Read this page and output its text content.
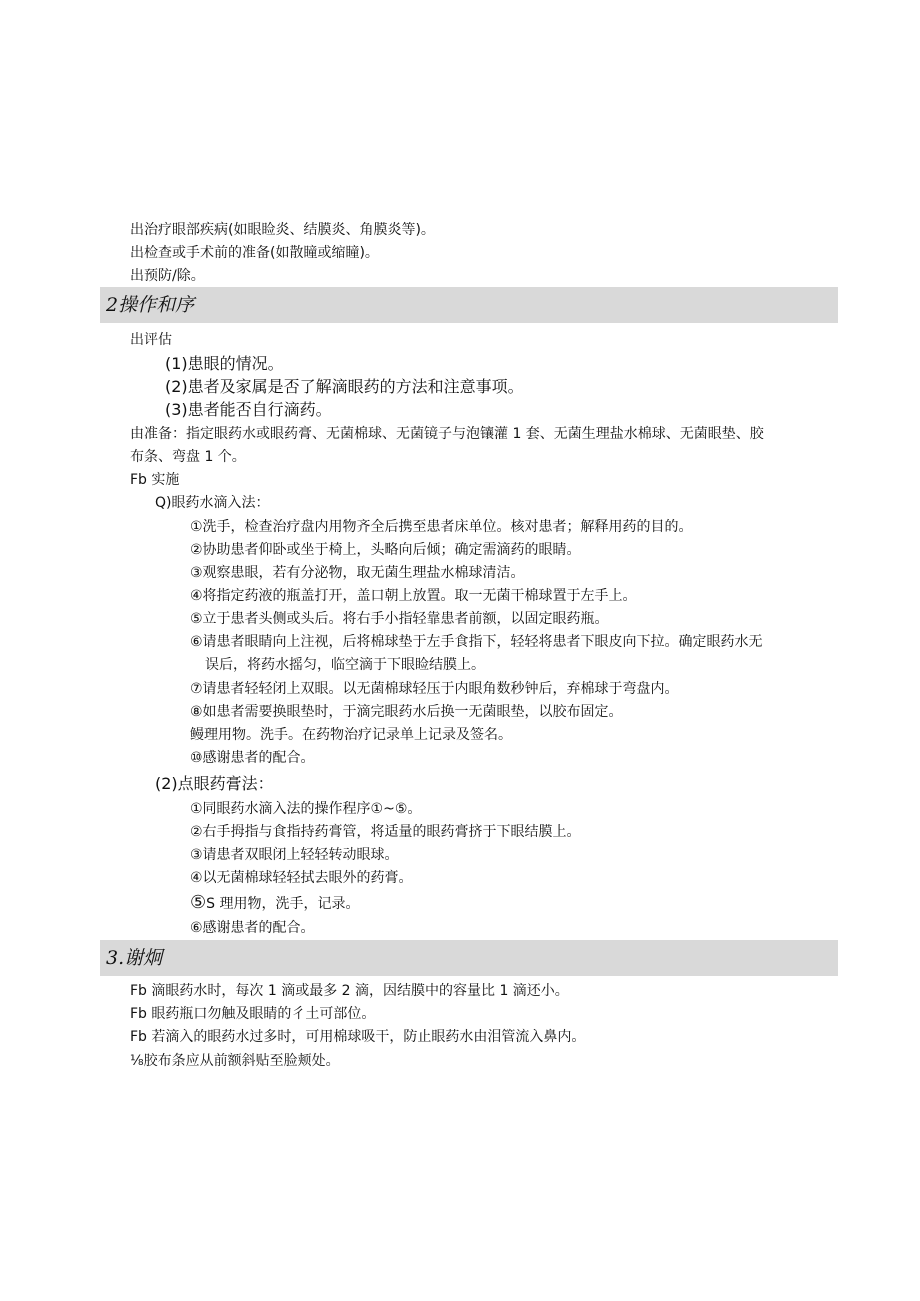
出治疗眼部疾病(如眼睑炎、结膜炎、角膜炎等)。
出检查或手术前的准备(如散瞳或缩瞳)。
出预防/除。
2操作和序
出评估
(1)患眼的情况。
(2)患者及家属是否了解滴眼药的方法和注意事项。
(3)患者能否自行滴药。
由准备：指定眼药水或眼药膏、无菌棉球、无菌镜子与泡镶灌 1 套、无菌生理盐水棉球、无菌眼垫、胶
布条、弯盘 1 个。
Fb 实施
Q)眼药水滴入法：
①洗手，检查治疗盘内用物齐全后携至患者床单位。核对患者；解释用药的目的。
②协助患者仰卧或坐于椅上，头略向后倾；确定需滴药的眼睛。
③观察患眼，若有分泌物，取无菌生理盐水棉球清洁。
④将指定药液的瓶盖打开，盖口朝上放置。取一无菌干棉球置于左手上。
⑤立于患者头侧或头后。将右手小指轻靠患者前额，以固定眼药瓶。
⑥请患者眼睛向上注视，后将棉球垫于左手食指下，轻轻将患者下眼皮向下拉。确定眼药水无
误后，将药水摇匀，临空滴于下眼睑结膜上。
⑦请患者轻轻闭上双眼。以无菌棉球轻压于内眼角数秒钟后，弃棉球于弯盘内。
⑧如患者需要换眼垫时，于滴完眼药水后换一无菌眼垫，以胶布固定。
鳗理用物。洗手。在药物治疗记录单上记录及签名。
⑩感谢患者的配合。
(2)点眼药膏法：
①同眼药水滴入法的操作程序①~⑤。
②右手拇指与食指持药膏管，将适量的眼药膏挤于下眼结膜上。
③请患者双眼闭上轻轻转动眼球。
④以无菌棉球轻轻拭去眼外的药膏。
⑤S 理用物，洗手，记录。
⑥感谢患者的配合。
3.谢炯
Fb 滴眼药水时，每次 1 滴或最多 2 滴，因结膜中的容量比 1 滴还小。
Fb 眼药瓶口勿触及眼睛的彳土可部位。
Fb 若滴入的眼药水过多时，可用棉球吸干，防止眼药水由泪管流入鼻内。
⅛胶布条应从前额斜贴至脸颊处。
